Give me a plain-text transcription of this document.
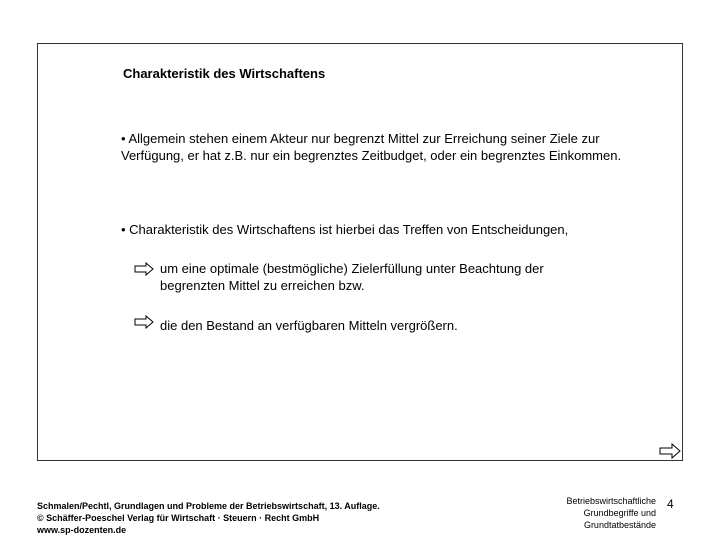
Charakteristik des Wirtschaftens
• Allgemein stehen einem Akteur nur begrenzt Mittel zur Erreichung seiner Ziele zur Verfügung, er hat z.B. nur ein begrenztes Zeitbudget, oder ein begrenztes Einkommen.
• Charakteristik des Wirtschaftens ist hierbei das Treffen von Entscheidungen,
um eine optimale (bestmögliche) Zielerfüllung unter Beachtung der begrenzten Mittel zu erreichen bzw.
die den Bestand an verfügbaren Mitteln vergrößern.
Schmalen/Pechtl, Grundlagen und Probleme der Betriebswirtschaft, 13. Auflage.
© Schäffer-Poeschel Verlag für Wirtschaft · Steuern · Recht GmbH
www.sp-dozenten.de
Betriebswirtschaftliche
Grundbegriffe und
Grundtatbestände
4
